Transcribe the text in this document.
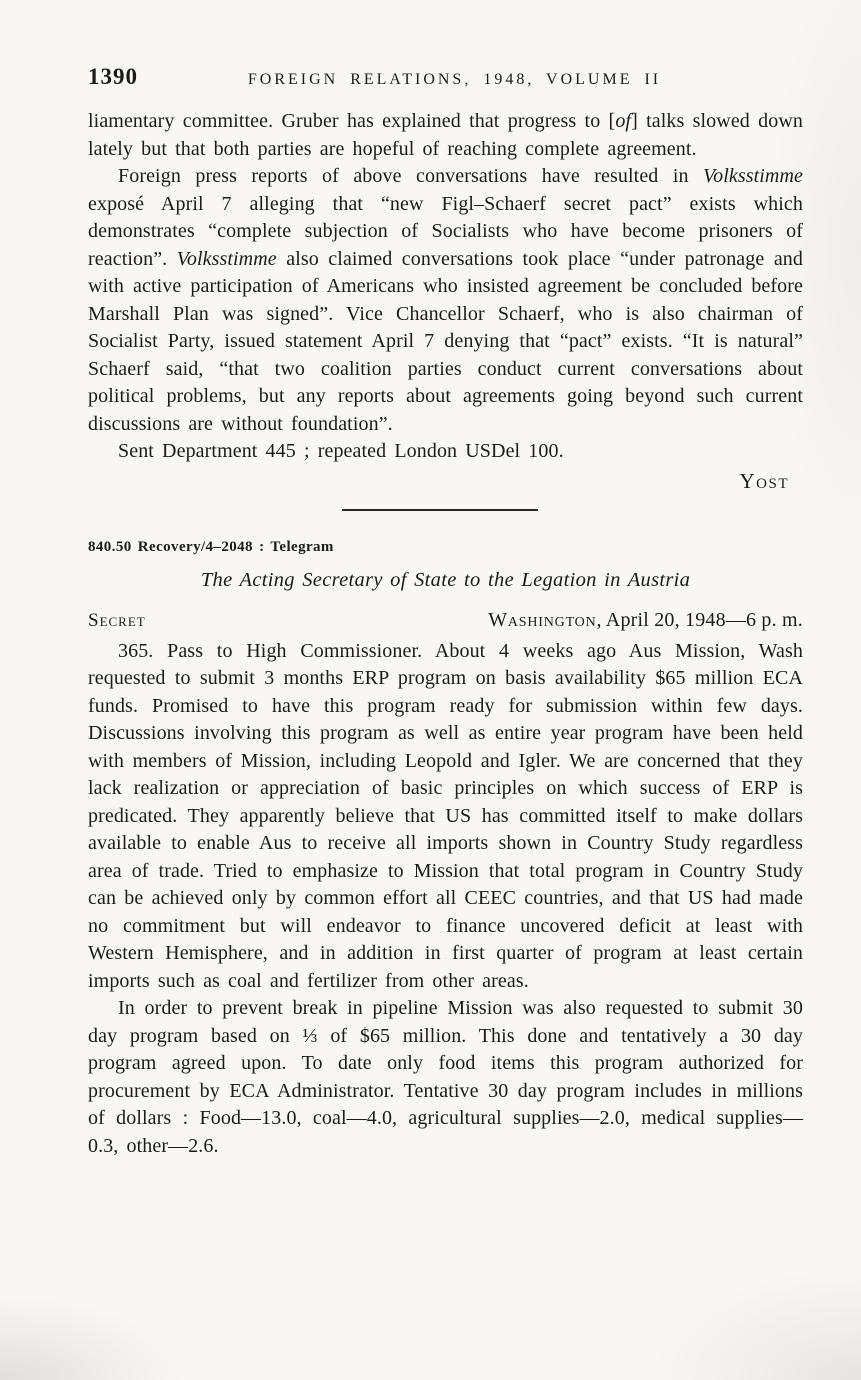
1390	FOREIGN RELATIONS, 1948, VOLUME II

liamentary committee. Gruber has explained that progress to [of] talks slowed down lately but that both parties are hopeful of reaching complete agreement.

Foreign press reports of above conversations have resulted in Volksstimme exposé April 7 alleging that “new Figl–Schaerf secret pact” exists which demonstrates “complete subjection of Socialists who have become prisoners of reaction”. Volksstimme also claimed conversations took place “under patronage and with active participation of Americans who insisted agreement be concluded before Marshall Plan was signed”. Vice Chancellor Schaerf, who is also chairman of Socialist Party, issued statement April 7 denying that “pact” exists. “It is natural” Schaerf said, “that two coalition parties conduct current conversations about political problems, but any reports about agreements going beyond such current discussions are without foundation”.

Sent Department 445 ; repeated London USDel 100.

Yost
840.50 Recovery/4–2048 : Telegram
The Acting Secretary of State to the Legation in Austria
Secret	Washington, April 20, 1948—6 p. m.

365. Pass to High Commissioner. About 4 weeks ago Aus Mission, Wash requested to submit 3 months ERP program on basis availability $65 million ECA funds. Promised to have this program ready for submission within few days. Discussions involving this program as well as entire year program have been held with members of Mission, including Leopold and Igler. We are concerned that they lack realization or appreciation of basic principles on which success of ERP is predicated. They apparently believe that US has committed itself to make dollars available to enable Aus to receive all imports shown in Country Study regardless area of trade. Tried to emphasize to Mission that total program in Country Study can be achieved only by common effort all CEEC countries, and that US had made no commitment but will endeavor to finance uncovered deficit at least with Western Hemisphere, and in addition in first quarter of program at least certain imports such as coal and fertilizer from other areas.

In order to prevent break in pipeline Mission was also requested to submit 30 day program based on ⅓ of $65 million. This done and tentatively a 30 day program agreed upon. To date only food items this program authorized for procurement by ECA Administrator. Tentative 30 day program includes in millions of dollars : Food—13.0, coal—4.0, agricultural supplies—2.0, medical supplies—0.3, other—2.6.
